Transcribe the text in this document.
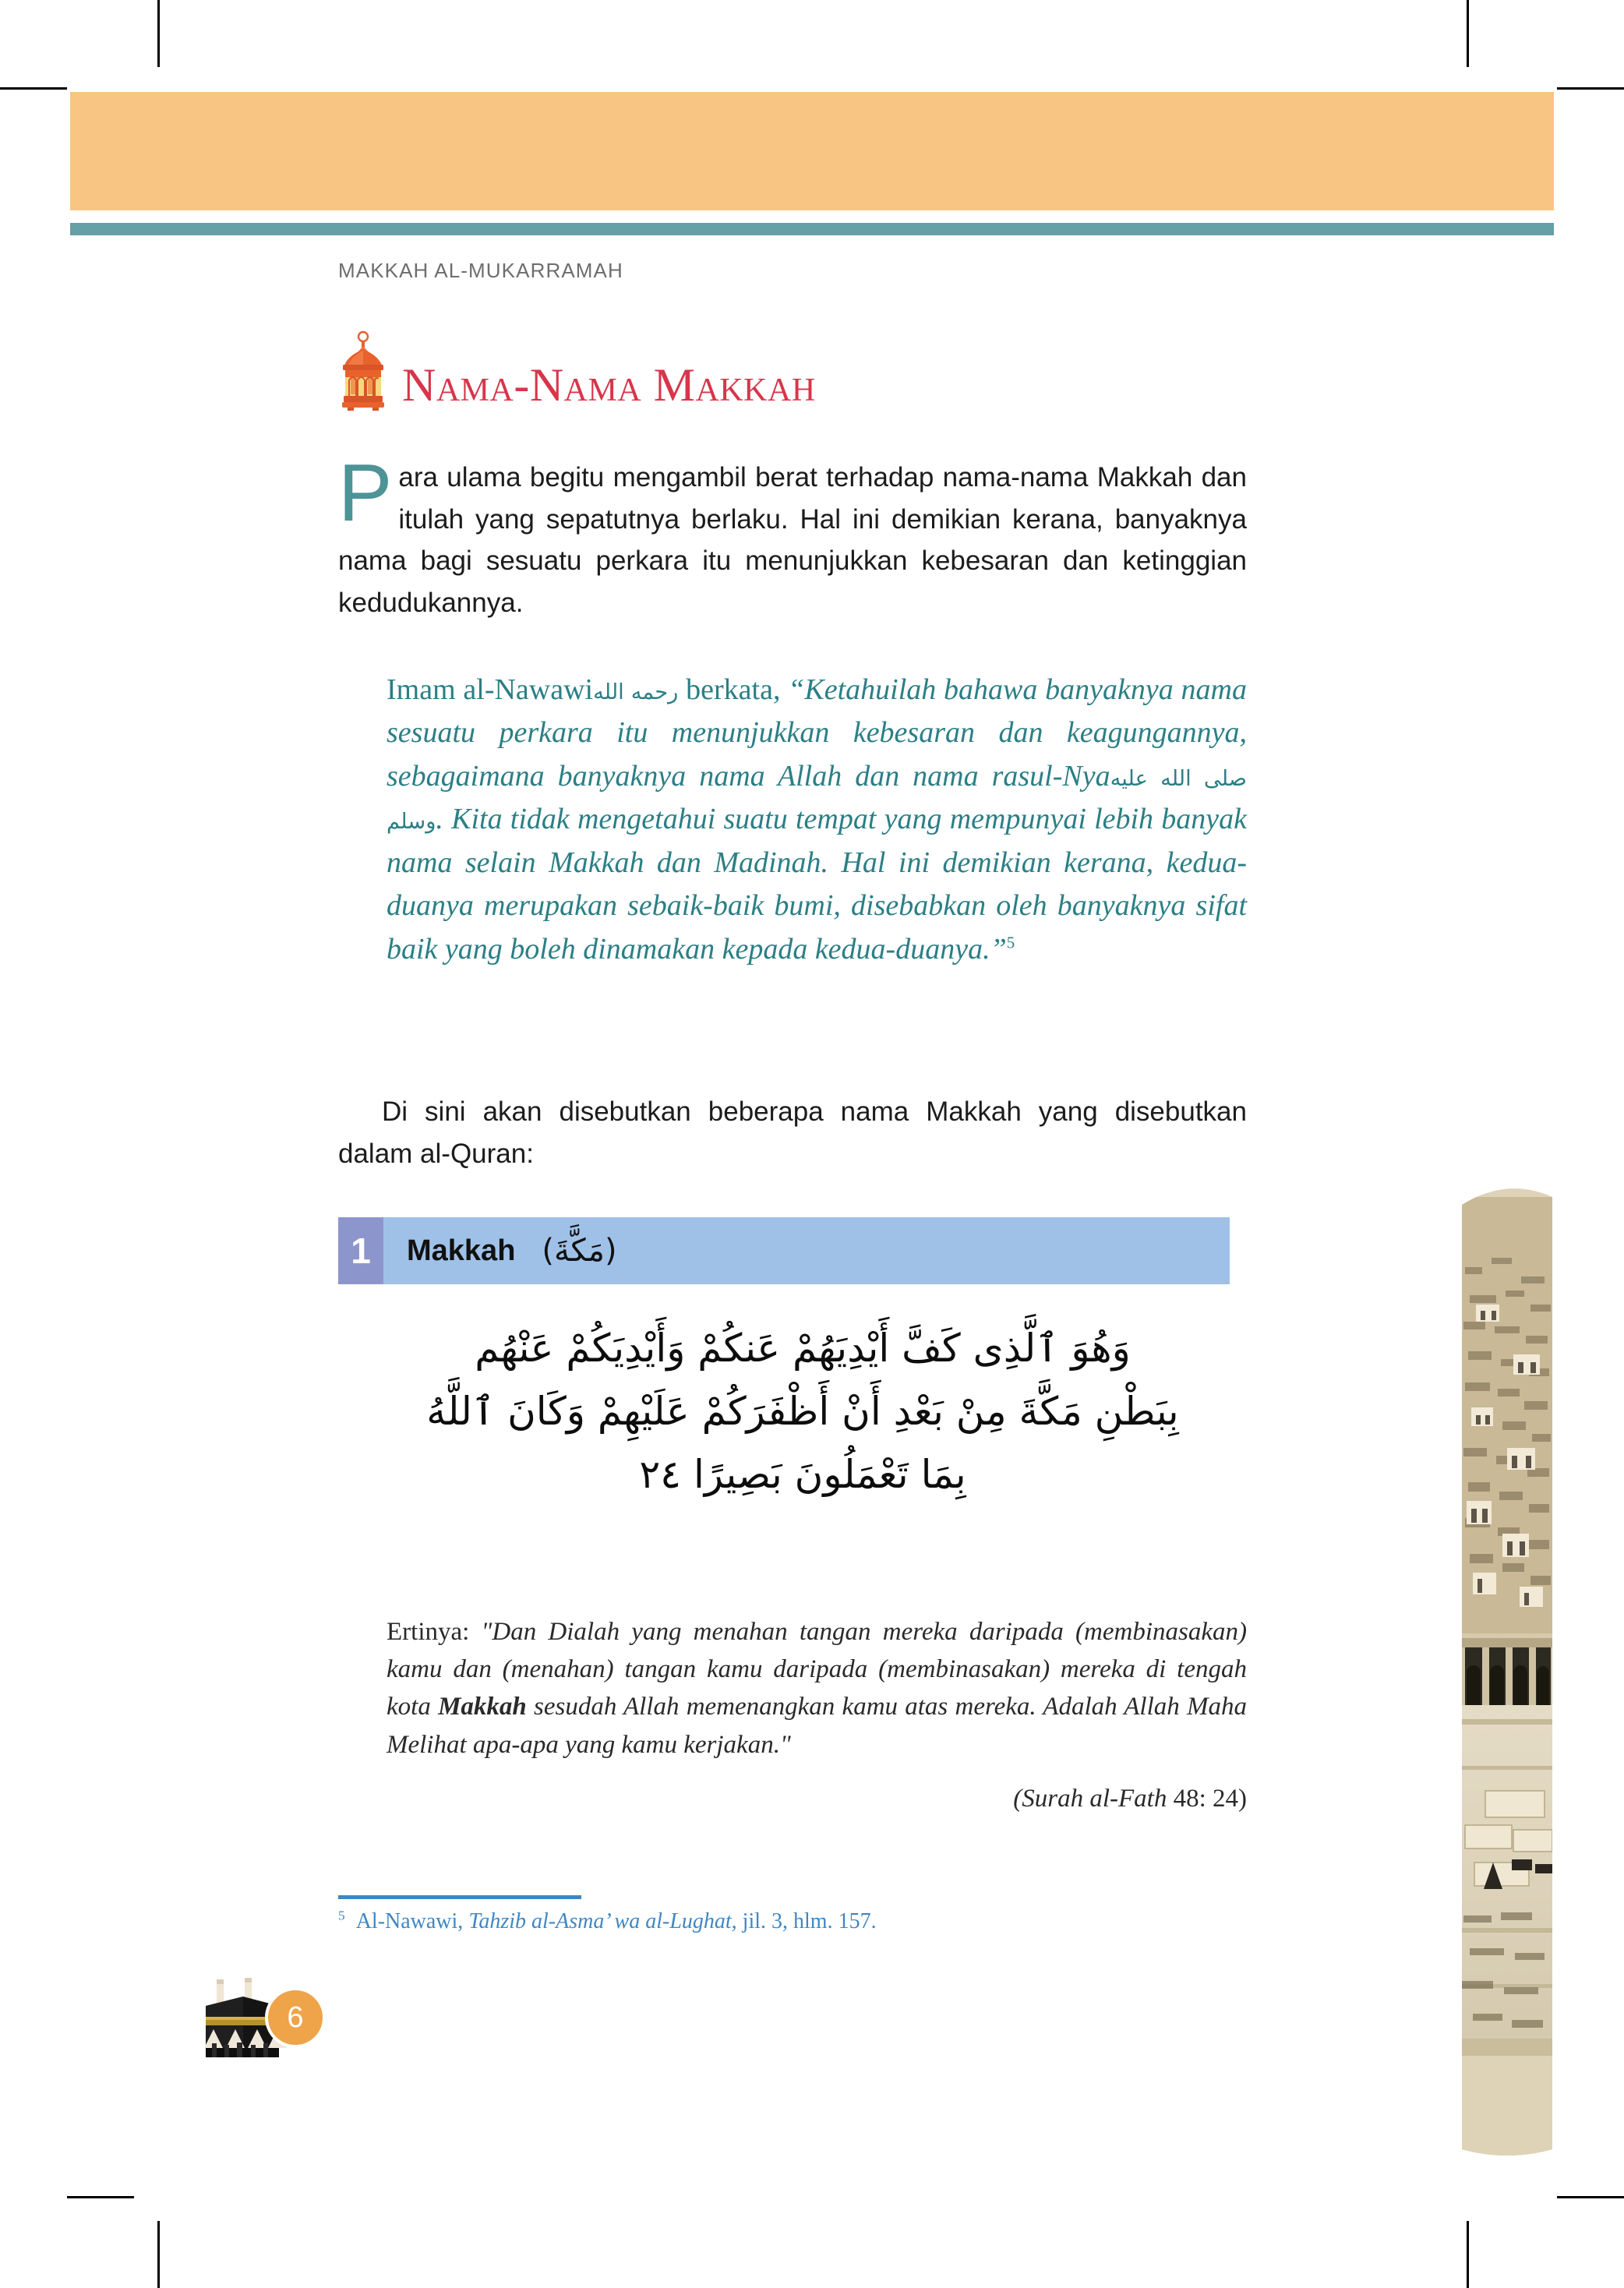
MAKKAH AL-MUKARRAMAH
Nama-Nama Makkah

Para ulama begitu mengambil berat terhadap nama-nama Makkah dan itulah yang sepatutnya berlaku. Hal ini demikian kerana, banyaknya nama bagi sesuatu perkara itu menunjukkan kebesaran dan ketinggian kedudukannya.

Imam al-Nawawiرحمه الله berkata, “Ketahuilah bahawa banyaknya nama sesuatu perkara itu menunjukkan kebesaran dan keagungannya, sebagaimana banyaknya nama Allah dan nama rasul-Nyaصلى الله عليه وسلم. Kita tidak mengetahui suatu tempat yang mempunyai lebih banyak nama selain Makkah dan Madinah. Hal ini demikian kerana, kedua-duanya merupakan sebaik-baik bumi, disebabkan oleh banyaknya sifat baik yang boleh dinamakan kepada kedua-duanya.”$^5$
Di sini akan disebutkan beberapa nama Makkah yang disebutkan dalam al-Quran:
1	Makkah (مَكَّةَ)
وَهُوَ ٱلَّذِى كَفَّ أَيْدِيَهُمْ عَنكُمْ وَأَيْدِيَكُمْ عَنْهُم
بِبَطْنِ مَكَّةَ مِنْ بَعْدِ أَنْ أَظْفَرَكُمْ عَلَيْهِمْ وَكَانَ ٱللَّهُ
بِمَا تَعْمَلُونَ بَصِيرًا ٢٤
Ertinya: "Dan Dialah yang menahan tangan mereka daripada (membinasakan) kamu dan (menahan) tangan kamu daripada (membinasakan) mereka di tengah kota Makkah sesudah Allah memenangkan kamu atas mereka. Adalah Allah Maha Melihat apa-apa yang kamu kerjakan."
(Surah al-Fath 48: 24)
$^5$ Al-Nawawi, Tahzib al-Asma’ wa al-Lughat, jil. 3, hlm. 157.
6
